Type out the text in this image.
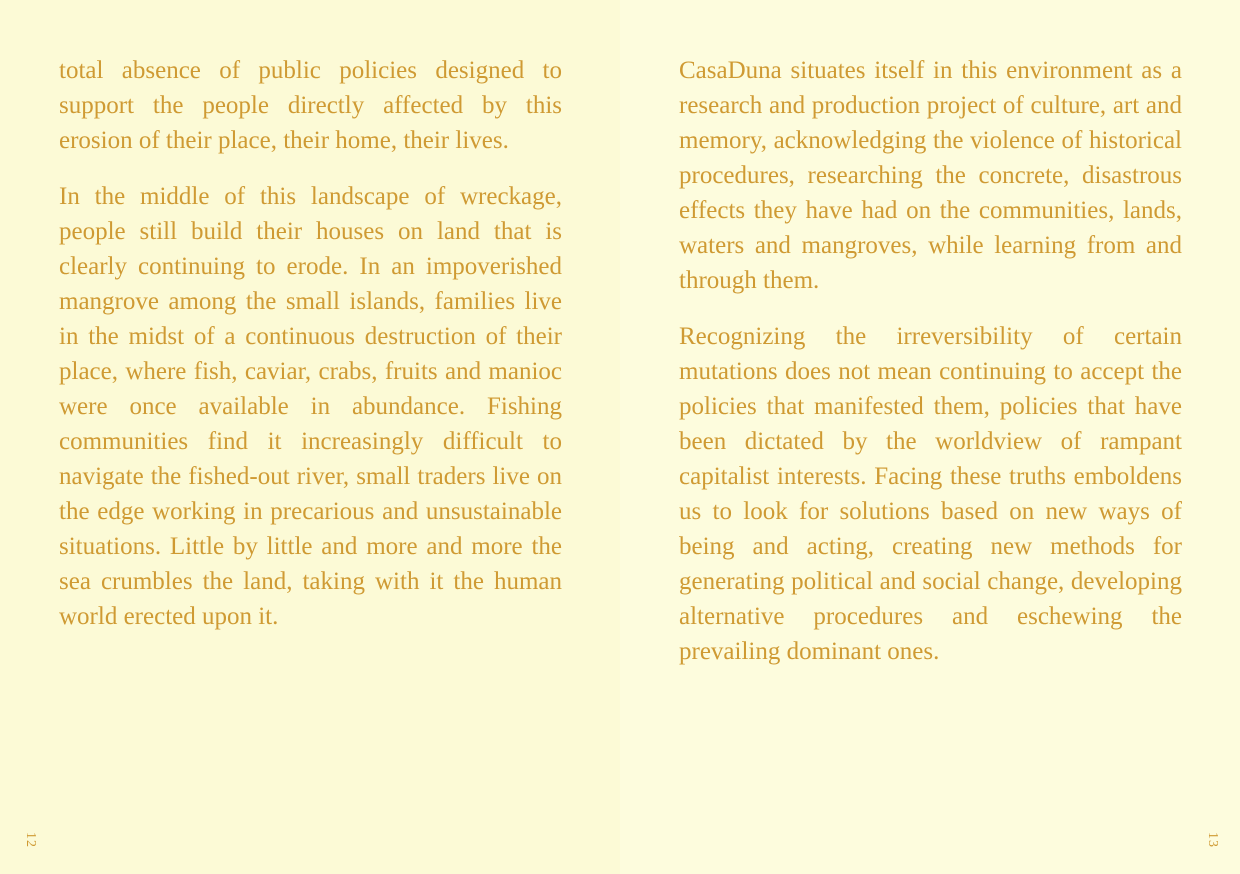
total absence of public policies designed to support the people directly affected by this erosion of their place, their home, their lives.

In the middle of this landscape of wreckage, people still build their houses on land that is clearly continuing to erode. In an impoverished mangrove among the small islands, families live in the midst of a continuous destruction of their place, where fish, caviar, crabs, fruits and manioc were once available in abundance. Fishing communities find it increasingly difficult to navigate the fished-out river, small traders live on the edge working in precarious and unsustainable situations. Little by little and more and more the sea crumbles the land, taking with it the human world erected upon it.

12

CasaDuna situates itself in this environment as a research and production project of culture, art and memory, acknowledging the violence of historical procedures, researching the concrete, disastrous effects they have had on the communities, lands, waters and mangroves, while learning from and through them.

Recognizing the irreversibility of certain mutations does not mean continuing to accept the policies that manifested them, policies that have been dictated by the worldview of rampant capitalist interests. Facing these truths emboldens us to look for solutions based on new ways of being and acting, creating new methods for generating political and social change, developing alternative procedures and eschewing the prevailing dominant ones.

13
